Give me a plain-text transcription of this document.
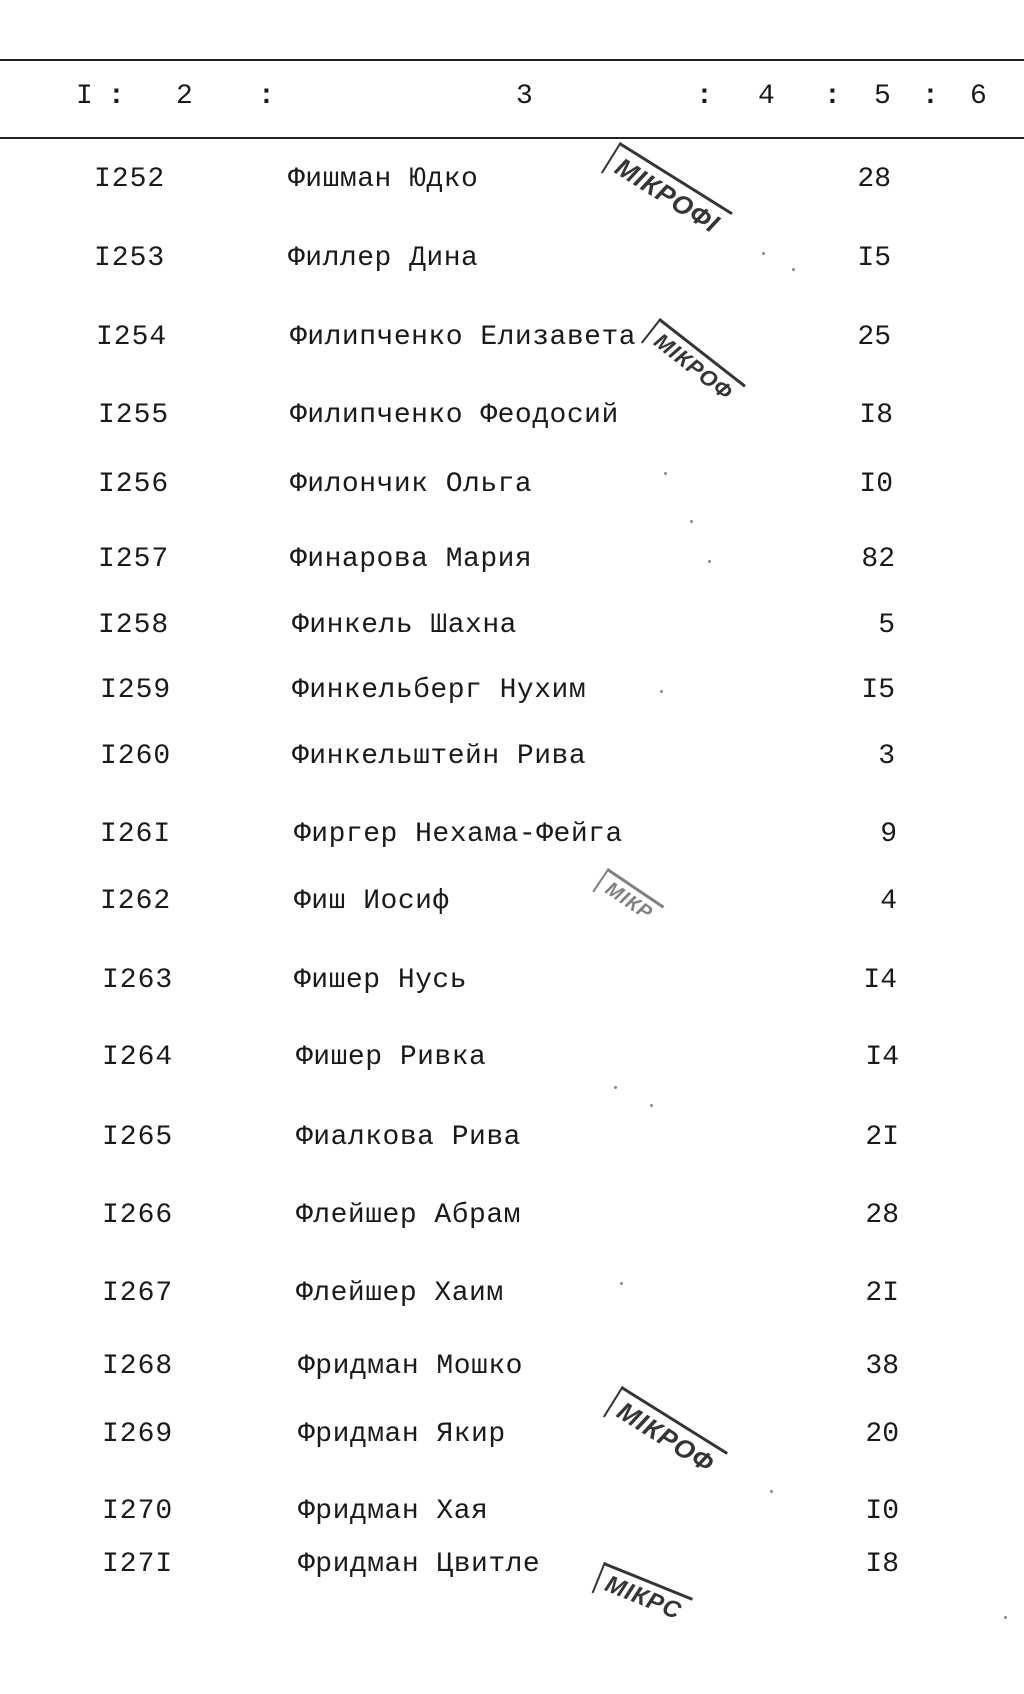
I : 2 :	3	: 4 : 5 : 6
I252	Фишман Юдко	28
I253	Филлер Дина	I5
I254	Филипченко Елизавета	25
I255	Филипченко Феодосий	I8
I256	Филончик Ольга	I0
I257	Финарова Мария	82
I258	Финкель Шахна	5
I259	Финкельберг Нухим	I5
I260	Финкельштейн Рива	3
I26I	Фиргер Нехама-Фейга	9
I262	Фиш Иосиф	4
I263	Фишер Нусь	I4
I264	Фишер Ривка	I4
I265	Фиалкова Рива	2I
I266	Флейшер Абрам	28
I267	Флейшер Хаим	2I
I268	Фридман Мошко	38
I269	Фридман Якир	20
I270	Фридман Хая	I0
I27I	Фридман Цвитле	I8
МІКРОФІ
МІКРОФ
МІКР
МІКРОФ
МІКРС
